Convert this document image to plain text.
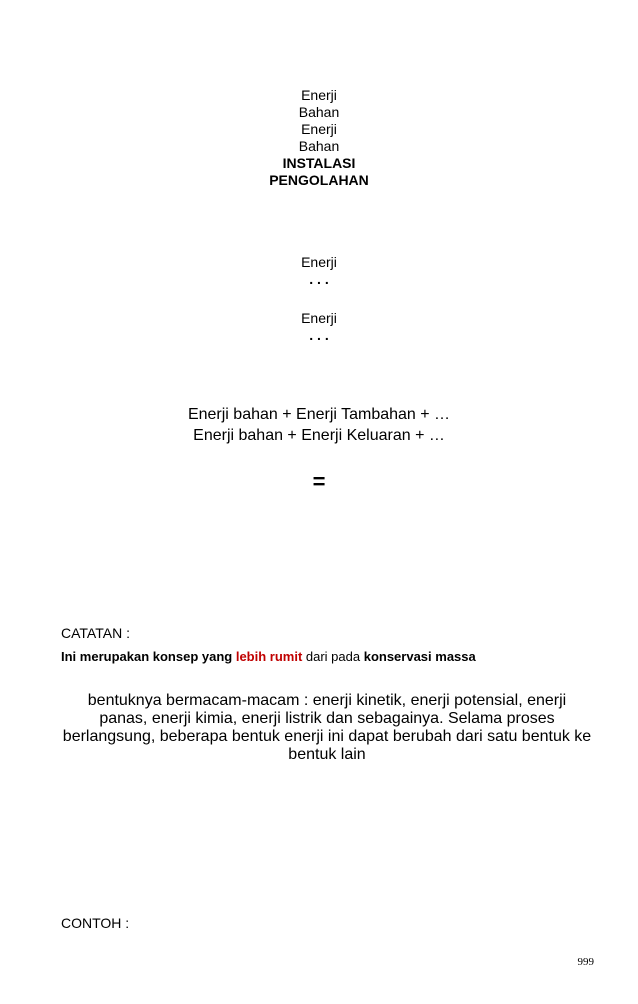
Enerji
Bahan
Enerji
Bahan
INSTALASI
PENGOLAHAN
Enerji
. . .
Enerji
. . .
Enerji bahan + Enerji Tambahan + …
Enerji bahan + Enerji Keluaran + …
=
CATATAN :
Ini merupakan konsep yang lebih rumit dari pada konservasi massa
bentuknya bermacam-macam : enerji kinetik, enerji potensial, enerji
panas, enerji kimia, enerji listrik dan sebagainya. Selama proses
berlangsung, beberapa bentuk enerji ini dapat berubah dari satu bentuk ke
bentuk lain
CONTOH :
999
